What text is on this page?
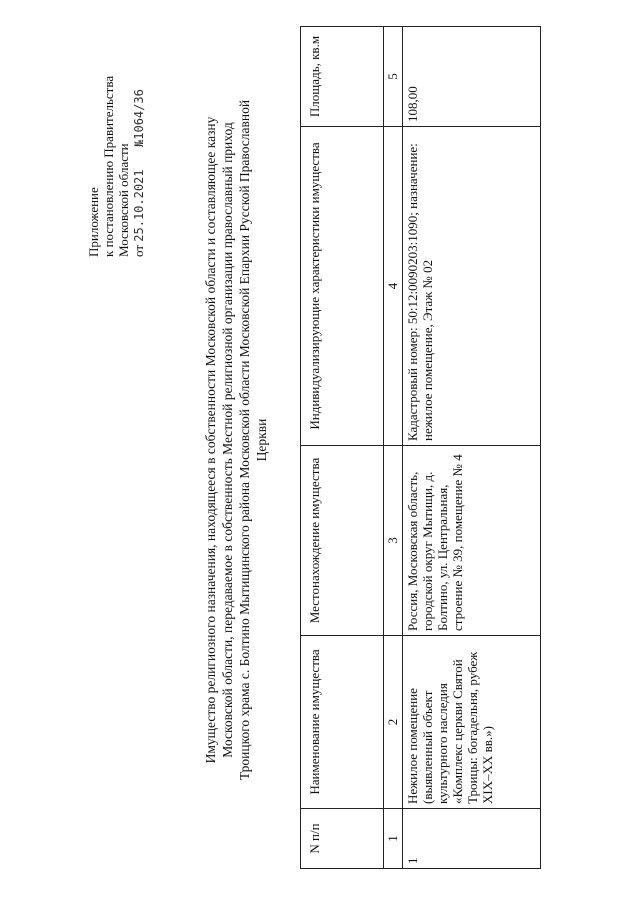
Приложение к постановлению Правительства Московской области от 25.10.2021  №1064/36	Имущество религиозного назначения, находящееся в собственности Московской области и составляющее казну Московской области, передаваемое в собственность Местной религиозной организации православный приход Троицкого храма с. Болтино Мытищинского района Московской области Московской Епархии Русской Православной Церкви
N п/п	Наименование имущества	Местонахождение имущества	Индивидуализирующие характеристики имущества	Площадь, кв.м
1	2	3	4	5
1	Нежилое помещение (выявленный объект культурного наследия «Комплекс церкви Святой Троицы: богадельня, рубеж XIX–XX вв.»)	Россия, Московская область, городской округ Мытищи, д. Болтино, ул. Центральная, строение № 39, помещение № 4	Кадастровый номер: 50:12:0090203:1090; назначение: нежилое помещение, Этаж № 02	108,00
